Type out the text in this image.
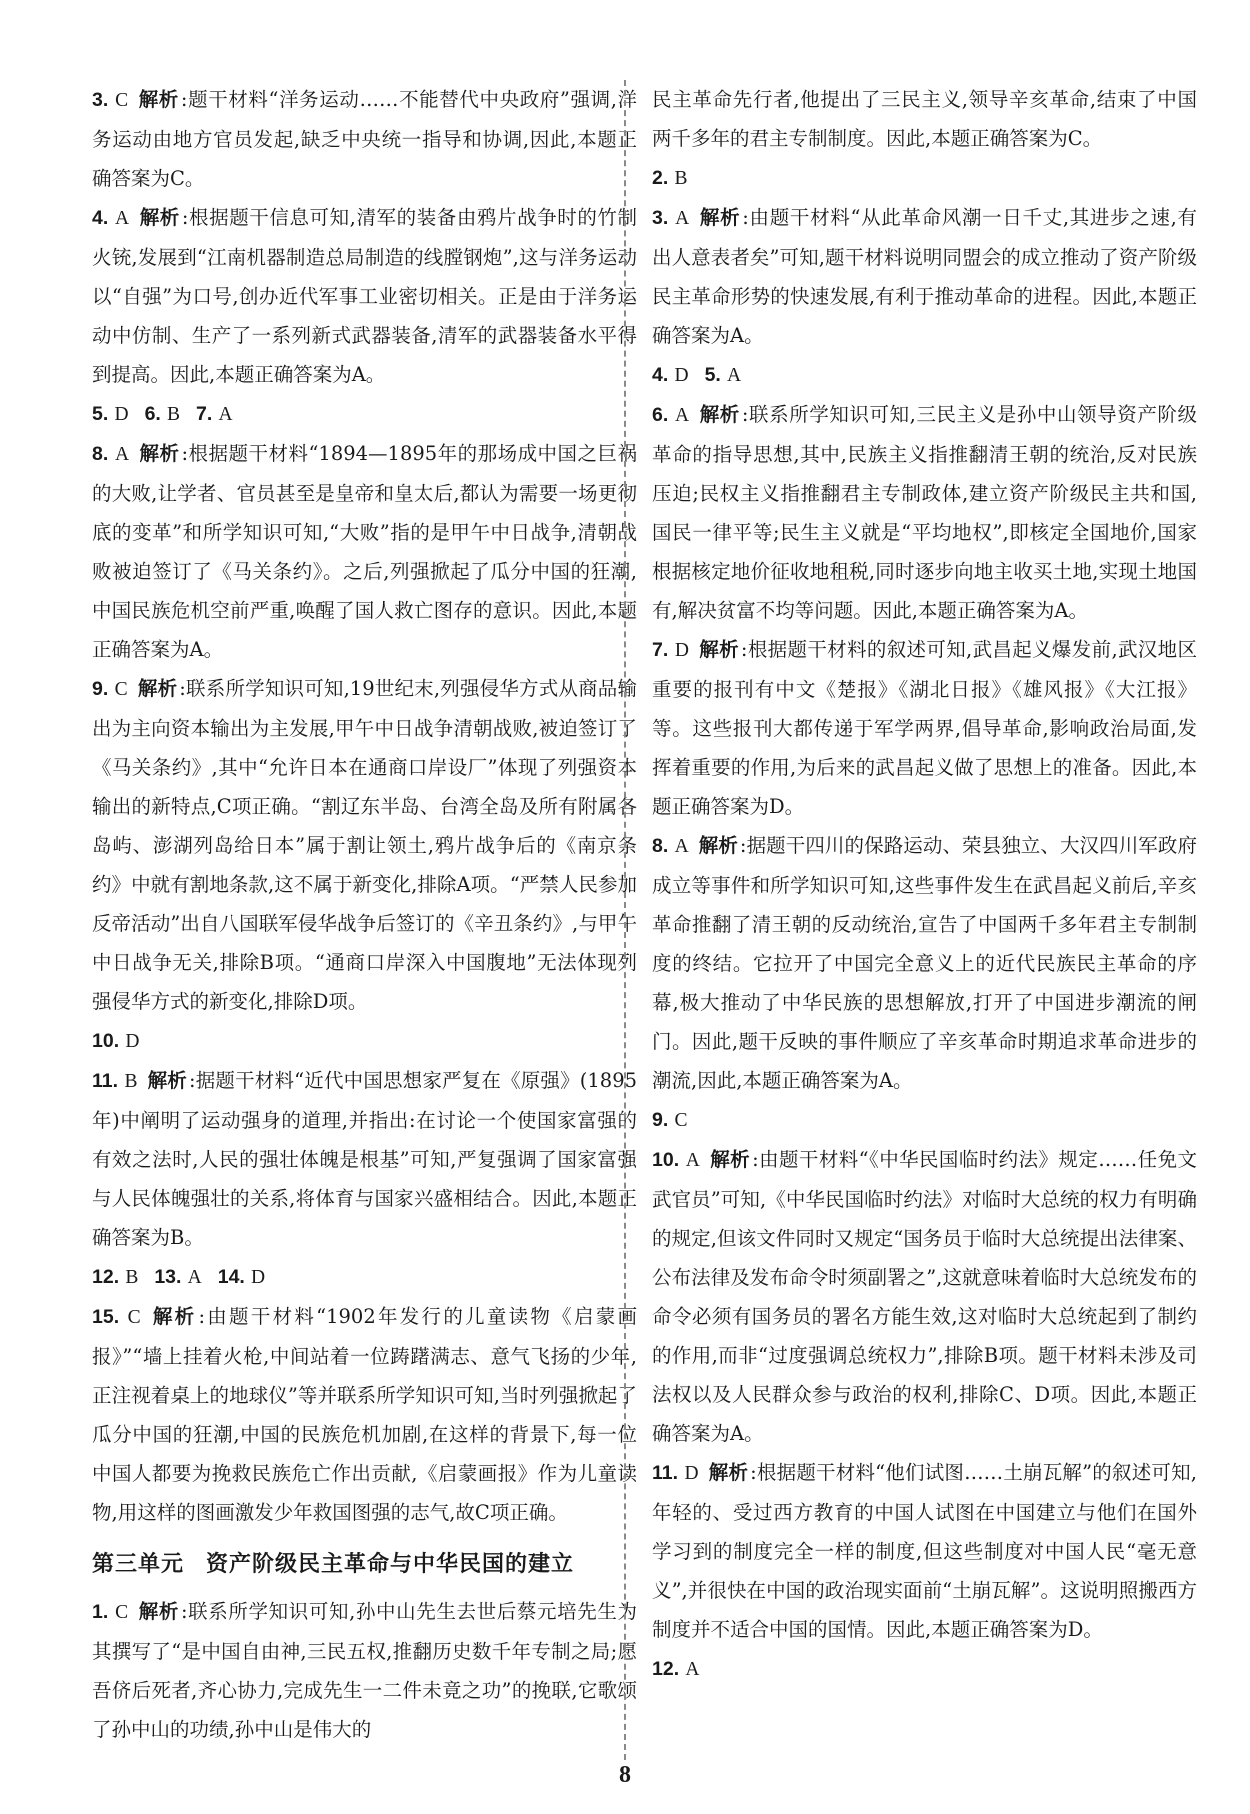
3. C 解析 :题干材料“洋务运动……不能替代中央政府”强调,洋务运动由地方官员发起,缺乏中央统一指导和协调,因此,本题正确答案为C。

4. A 解析 :根据题干信息可知,清军的装备由鸦片战争时的竹制火铳,发展到“江南机器制造总局制造的线膛钢炮”,这与洋务运动以“自强”为口号,创办近代军事工业密切相关。正是由于洋务运动中仿制、生产了一系列新式武器装备,清军的武器装备水平得到提高。因此,本题正确答案为A。

5. D 6. B 7. A

8. A 解析 :根据题干材料“1894—1895年的那场成中国之巨祸的大败,让学者、官员甚至是皇帝和皇太后,都认为需要一场更彻底的变革”和所学知识可知,“大败”指的是甲午中日战争,清朝战败被迫签订了《马关条约》。之后,列强掀起了瓜分中国的狂潮,中国民族危机空前严重,唤醒了国人救亡图存的意识。因此,本题正确答案为A。

9. C 解析 :联系所学知识可知,19世纪末,列强侵华方式从商品输出为主向资本输出为主发展,甲午中日战争清朝战败,被迫签订了《马关条约》,其中“允许日本在通商口岸设厂”体现了列强资本输出的新特点,C项正确。“割辽东半岛、台湾全岛及所有附属各岛屿、澎湖列岛给日本”属于割让领土,鸦片战争后的《南京条约》中就有割地条款,这不属于新变化,排除A项。“严禁人民参加反帝活动”出自八国联军侵华战争后签订的《辛丑条约》,与甲午中日战争无关,排除B项。“通商口岸深入中国腹地”无法体现列强侵华方式的新变化,排除D项。

10. D

11. B 解析 :据题干材料“近代中国思想家严复在《原强》(1895年)中阐明了运动强身的道理,并指出:在讨论一个使国家富强的有效之法时,人民的强壮体魄是根基”可知,严复强调了国家富强与人民体魄强壮的关系,将体育与国家兴盛相结合。因此,本题正确答案为B。

12. B 13. A 14. D

15. C 解析 :由题干材料“1902年发行的儿童读物《启蒙画报》”“墙上挂着火枪,中间站着一位踌躇满志、意气飞扬的少年,正注视着桌上的地球仪”等并联系所学知识可知,当时列强掀起了瓜分中国的狂潮,中国的民族危机加剧,在这样的背景下,每一位中国人都要为挽救民族危亡作出贡献,《启蒙画报》作为儿童读物,用这样的图画激发少年救国图强的志气,故C项正确。

第三单元 资产阶级民主革命与中华民国的建立

1. C 解析 :联系所学知识可知,孙中山先生去世后蔡元培先生为其撰写了“是中国自由神,三民五权,推翻历史数千年专制之局;愿吾侪后死者,齐心协力,完成先生一二件未竟之功”的挽联,它歌颂了孙中山的功绩,孙中山是伟大的

民主革命先行者,他提出了三民主义,领导辛亥革命,结束了中国两千多年的君主专制制度。因此,本题正确答案为C。

2. B

3. A 解析 :由题干材料“从此革命风潮一日千丈,其进步之速,有出人意表者矣”可知,题干材料说明同盟会的成立推动了资产阶级民主革命形势的快速发展,有利于推动革命的进程。因此,本题正确答案为A。

4. D 5. A

6. A 解析 :联系所学知识可知,三民主义是孙中山领导资产阶级革命的指导思想,其中,民族主义指推翻清王朝的统治,反对民族压迫;民权主义指推翻君主专制政体,建立资产阶级民主共和国,国民一律平等;民生主义就是“平均地权”,即核定全国地价,国家根据核定地价征收地租税,同时逐步向地主收买土地,实现土地国有,解决贫富不均等问题。因此,本题正确答案为A。

7. D 解析 :根据题干材料的叙述可知,武昌起义爆发前,武汉地区重要的报刊有中文《楚报》《湖北日报》《雄风报》《大江报》等。这些报刊大都传递于军学两界,倡导革命,影响政治局面,发挥着重要的作用,为后来的武昌起义做了思想上的准备。因此,本题正确答案为D。

8. A 解析 :据题干四川的保路运动、荣县独立、大汉四川军政府成立等事件和所学知识可知,这些事件发生在武昌起义前后,辛亥革命推翻了清王朝的反动统治,宣告了中国两千多年君主专制制度的终结。它拉开了中国完全意义上的近代民族民主革命的序幕,极大推动了中华民族的思想解放,打开了中国进步潮流的闸门。因此,题干反映的事件顺应了辛亥革命时期追求革命进步的潮流,因此,本题正确答案为A。

9. C

10. A 解析 :由题干材料“《中华民国临时约法》规定……任免文武官员”可知,《中华民国临时约法》对临时大总统的权力有明确的规定,但该文件同时又规定“国务员于临时大总统提出法律案、公布法律及发布命令时须副署之”,这就意味着临时大总统发布的命令必须有国务员的署名方能生效,这对临时大总统起到了制约的作用,而非“过度强调总统权力”,排除B项。题干材料未涉及司法权以及人民群众参与政治的权利,排除C、D项。因此,本题正确答案为A。

11. D 解析 :根据题干材料“他们试图……土崩瓦解”的叙述可知,年轻的、受过西方教育的中国人试图在中国建立与他们在国外学习到的制度完全一样的制度,但这些制度对中国人民“毫无意义”,并很快在中国的政治现实面前“土崩瓦解”。这说明照搬西方制度并不适合中国的国情。因此,本题正确答案为D。

12. A

8
